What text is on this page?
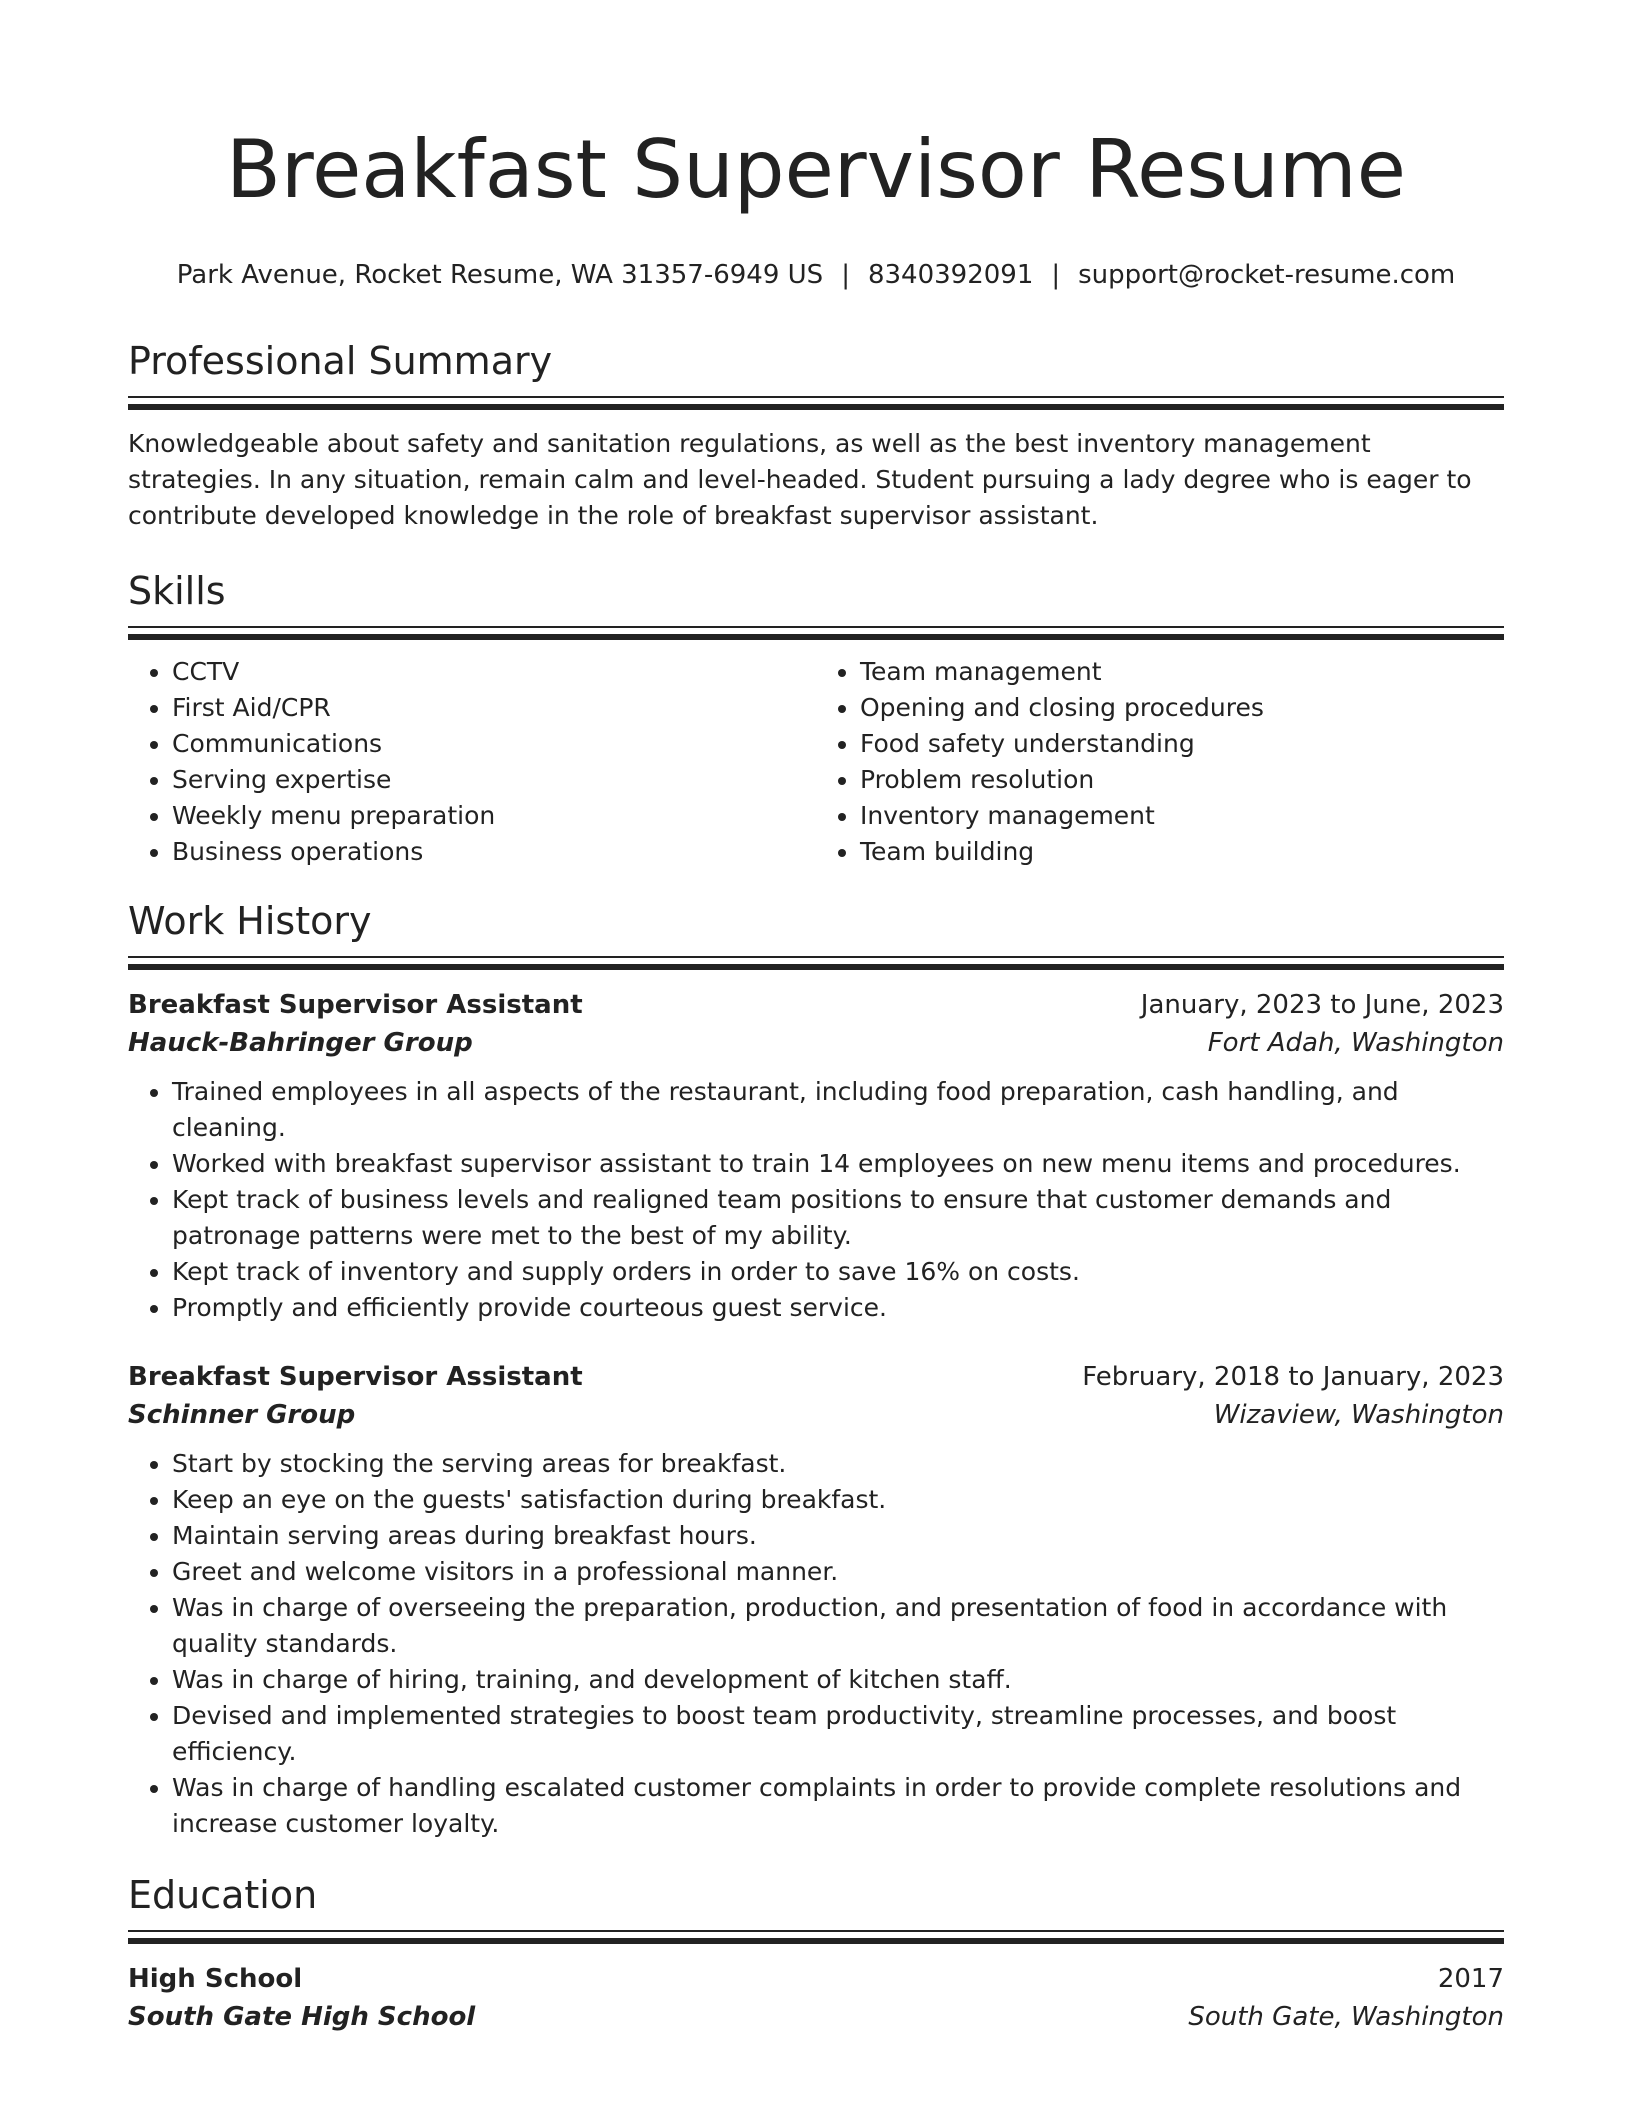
Breakfast Supervisor Resume
Park Avenue, Rocket Resume, WA 31357-6949 US | 8340392091 | support@rocket-resume.com
Professional Summary
Knowledgeable about safety and sanitation regulations, as well as the best inventory management strategies. In any situation, remain calm and level-headed. Student pursuing a lady degree who is eager to contribute developed knowledge in the role of breakfast supervisor assistant.
Skills
• CCTV
• First Aid/CPR
• Communications
• Serving expertise
• Weekly menu preparation
• Business operations
• Team management
• Opening and closing procedures
• Food safety understanding
• Problem resolution
• Inventory management
• Team building
Work History
Breakfast Supervisor Assistant	January, 2023 to June, 2023
Hauck-Bahringer Group	Fort Adah, Washington
• Trained employees in all aspects of the restaurant, including food preparation, cash handling, and cleaning.
• Worked with breakfast supervisor assistant to train 14 employees on new menu items and procedures.
• Kept track of business levels and realigned team positions to ensure that customer demands and patronage patterns were met to the best of my ability.
• Kept track of inventory and supply orders in order to save 16% on costs.
• Promptly and efficiently provide courteous guest service.
Breakfast Supervisor Assistant	February, 2018 to January, 2023
Schinner Group	Wizaview, Washington
• Start by stocking the serving areas for breakfast.
• Keep an eye on the guests' satisfaction during breakfast.
• Maintain serving areas during breakfast hours.
• Greet and welcome visitors in a professional manner.
• Was in charge of overseeing the preparation, production, and presentation of food in accordance with quality standards.
• Was in charge of hiring, training, and development of kitchen staff.
• Devised and implemented strategies to boost team productivity, streamline processes, and boost efficiency.
• Was in charge of handling escalated customer complaints in order to provide complete resolutions and increase customer loyalty.
Education
High School	2017
South Gate High School	South Gate, Washington
